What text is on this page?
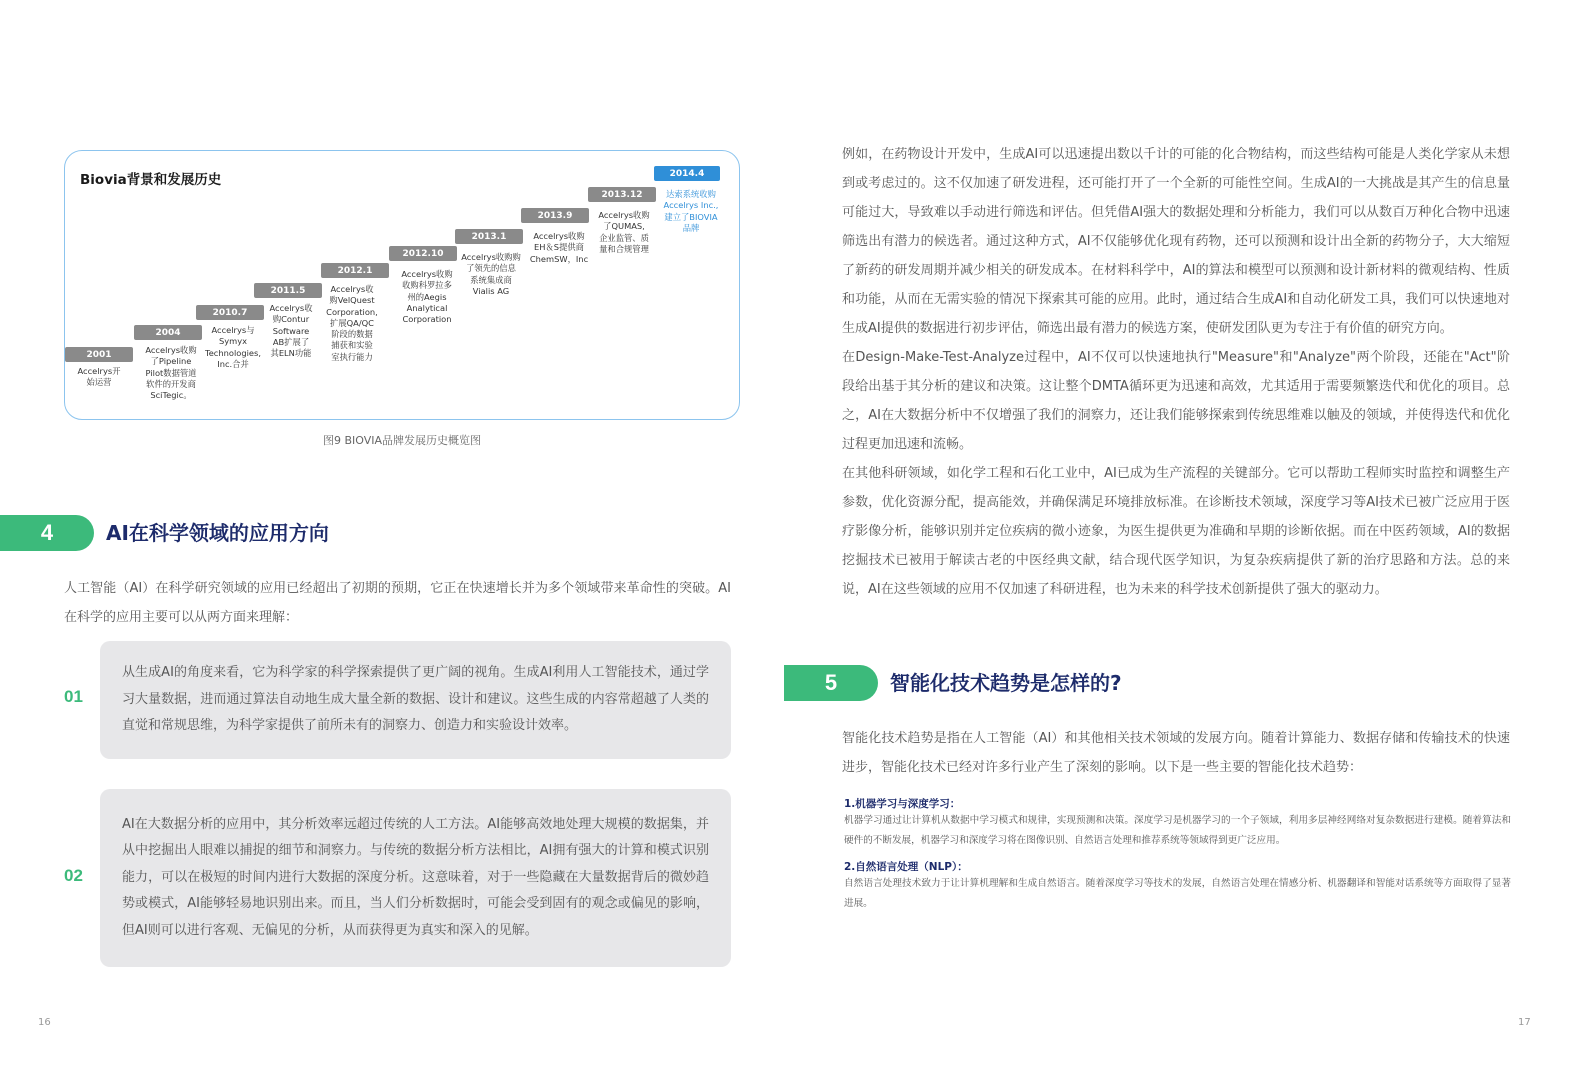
Biovia背景和发展历史
2001
2004
2010.7
2011.5
2012.1
2012.10
2013.1
2013.9
2013.12
2014.4
Accelrys开
始运营
Accelrys收购
了Pipeline
Pilot数据管道
软件的开发商
SciTegic。
Accelrys与
Symyx
Technologies,
Inc.合并
Accelrys收
购Contur
Software
AB扩展了
其ELN功能
Accelrys收
购VelQuest
Corporation,
扩展QA/QC
阶段的数据
捕获和实验
室执行能力
Accelrys收购
收购科罗拉多
州的Aegis
Analytical
Corporation
Accelrys收购购
了领先的信息
系统集成商
Vialis AG
Accelrys收购
EH＆S提供商
ChemSW，Inc
Accelrys收购
了QUMAS,
企业监管、质
量和合规管理
达索系统收购
Accelrys Inc.,
建立了BIOVIA
品牌
图9 BIOVIA品牌发展历史概览图
4	AI在科学领域的应用方向
人工智能（AI）在科学研究领域的应用已经超出了初期的预期，它正在快速增长并为多个领域带来革命性的突破。AI在科学的应用主要可以从两方面来理解：
01

从生成AI的角度来看，它为科学家的科学探索提供了更广阔的视角。生成AI利用人工智能技术，通过学习大量数据，进而通过算法自动地生成大量全新的数据、设计和建议。这些生成的内容常超越了人类的直觉和常规思维，为科学家提供了前所未有的洞察力、创造力和实验设计效率。

02

AI在大数据分析的应用中，其分析效率远超过传统的人工方法。AI能够高效地处理大规模的数据集，并从中挖掘出人眼难以捕捉的细节和洞察力。与传统的数据分析方法相比，AI拥有强大的计算和模式识别能力，可以在极短的时间内进行大数据的深度分析。这意味着，对于一些隐藏在大量数据背后的微妙趋势或模式，AI能够轻易地识别出来。而且，当人们分析数据时，可能会受到固有的观念或偏见的影响，但AI则可以进行客观、无偏见的分析，从而获得更为真实和深入的见解。

16
例如，在药物设计开发中，生成AI可以迅速提出数以千计的可能的化合物结构，而这些结构可能是人类化学家从未想到或考虑过的。这不仅加速了研发进程，还可能打开了一个全新的可能性空间。生成AI的一大挑战是其产生的信息量可能过大，导致难以手动进行筛选和评估。但凭借AI强大的数据处理和分析能力，我们可以从数百万种化合物中迅速筛选出有潜力的候选者。通过这种方式，AI不仅能够优化现有药物，还可以预测和设计出全新的药物分子，大大缩短了新药的研发周期并减少相关的研发成本。在材料科学中，AI的算法和模型可以预测和设计新材料的微观结构、性质和功能，从而在无需实验的情况下探索其可能的应用。此时，通过结合生成AI和自动化研发工具，我们可以快速地对生成AI提供的数据进行初步评估，筛选出最有潜力的候选方案，使研发团队更为专注于有价值的研究方向。
在Design-Make-Test-Analyze过程中，AI不仅可以快速地执行"Measure"和"Analyze"两个阶段，还能在"Act"阶段给出基于其分析的建议和决策。这让整个DMTA循环更为迅速和高效，尤其适用于需要频繁迭代和优化的项目。总之，AI在大数据分析中不仅增强了我们的洞察力，还让我们能够探索到传统思维难以触及的领域，并使得迭代和优化过程更加迅速和流畅。
在其他科研领域，如化学工程和石化工业中，AI已成为生产流程的关键部分。它可以帮助工程师实时监控和调整生产参数，优化资源分配，提高能效，并确保满足环境排放标准。在诊断技术领域，深度学习等AI技术已被广泛应用于医疗影像分析，能够识别并定位疾病的微小迹象，为医生提供更为准确和早期的诊断依据。而在中医药领域，AI的数据挖掘技术已被用于解读古老的中医经典文献，结合现代医学知识，为复杂疾病提供了新的治疗思路和方法。总的来说，AI在这些领域的应用不仅加速了科研进程，也为未来的科学技术创新提供了强大的驱动力。
5	智能化技术趋势是怎样的?
智能化技术趋势是指在人工智能（AI）和其他相关技术领域的发展方向。随着计算能力、数据存储和传输技术的快速进步，智能化技术已经对许多行业产生了深刻的影响。以下是一些主要的智能化技术趋势：
1.机器学习与深度学习：
机器学习通过让计算机从数据中学习模式和规律，实现预测和决策。深度学习是机器学习的一个子领域，利用多层神经网络对复杂数据进行建模。随着算法和硬件的不断发展，机器学习和深度学习将在图像识别、自然语言处理和推荐系统等领域得到更广泛应用。
2.自然语言处理（NLP）：
自然语言处理技术致力于让计算机理解和生成自然语言。随着深度学习等技术的发展，自然语言处理在情感分析、机器翻译和智能对话系统等方面取得了显著进展。
17
